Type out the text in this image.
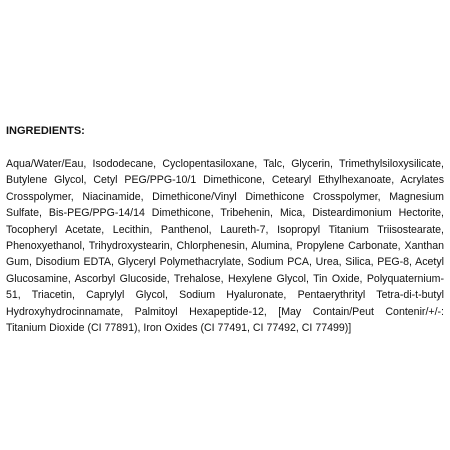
INGREDIENTS:

Aqua/Water/Eau, Isododecane, Cyclopentasiloxane, Talc, Glycerin, Trimethylsiloxysilicate, Butylene Glycol, Cetyl PEG/PPG-10/1 Dimethicone, Cetearyl Ethylhexanoate, Acrylates Crosspolymer, Niacinamide, Dimethicone/Vinyl Dimethicone Crosspolymer, Magnesium Sulfate, Bis-PEG/PPG-14/14 Dimethicone, Tribehenin, Mica, Disteardimonium Hectorite, Tocopheryl Acetate, Lecithin, Panthenol, Laureth-7, Isopropyl Titanium Triisostearate, Phenoxyethanol, Trihydroxystearin, Chlorphenesin, Alumina, Propylene Carbonate, Xanthan Gum, Disodium EDTA, Glyceryl Polymethacrylate, Sodium PCA, Urea, Silica, PEG-8, Acetyl Glucosamine, Ascorbyl Glucoside, Trehalose, Hexylene Glycol, Tin Oxide, Polyquaternium-51, Triacetin, Caprylyl Glycol, Sodium Hyaluronate, Pentaerythrityl Tetra-di-t-butyl Hydroxyhydrocinnamate, Palmitoyl Hexapeptide-12, [May Contain/Peut Contenir/+/-: Titanium Dioxide (CI 77891), Iron Oxides (CI 77491, CI 77492, CI 77499)]
